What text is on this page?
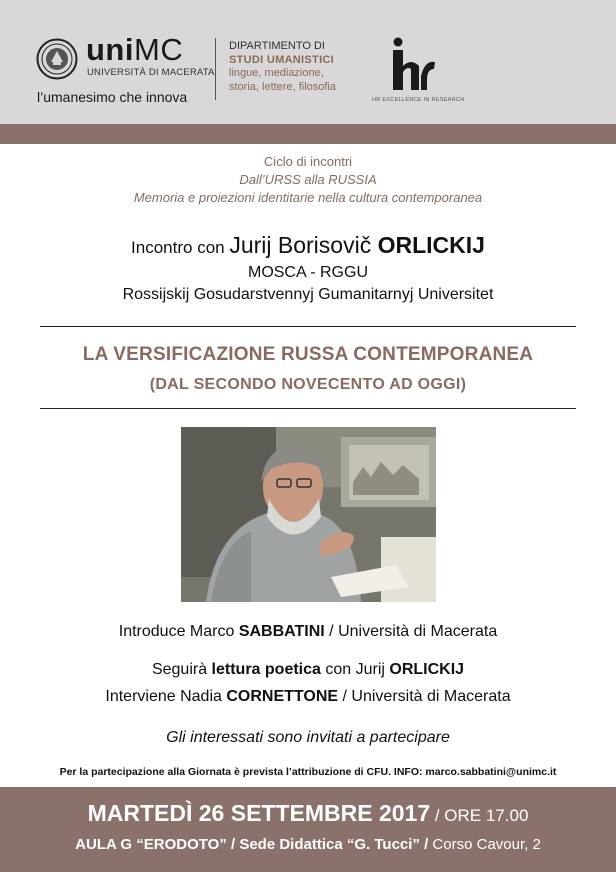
uniMC
UNIVERSITÀ DI MACERATA
l’umanesimo che innova
DIPARTIMENTO DI
STUDI UMANISTICI
lingue, mediazione,
storia, lettere, filosofia
HR EXCELLENCE IN RESEARCH
Ciclo di incontri
Dall’URSS alla RUSSIA
Memoria e proiezioni identitarie nella cultura contemporanea
Incontro con Jurij Borisovič ORLICKIJ
MOSCA - RGGU
Rossijskij Gosudarstvennyj Gumanitarnyj Universitet
LA VERSIFICAZIONE RUSSA CONTEMPORANEA
(DAL SECONDO NOVECENTO AD OGGI)
Introduce Marco SABBATINI / Università di Macerata
Seguirà lettura poetica con Jurij ORLICKIJ
Interviene Nadia CORNETTONE / Università di Macerata
Gli interessati sono invitati a partecipare
Per la partecipazione alla Giornata è prevista l’attribuzione di CFU. INFO: marco.sabbatini@unimc.it
MARTEDÌ 26 SETTEMBRE 2017 / ORE 17.00
AULA G “ERODOTO” / Sede Didattica “G. Tucci” / Corso Cavour, 2
